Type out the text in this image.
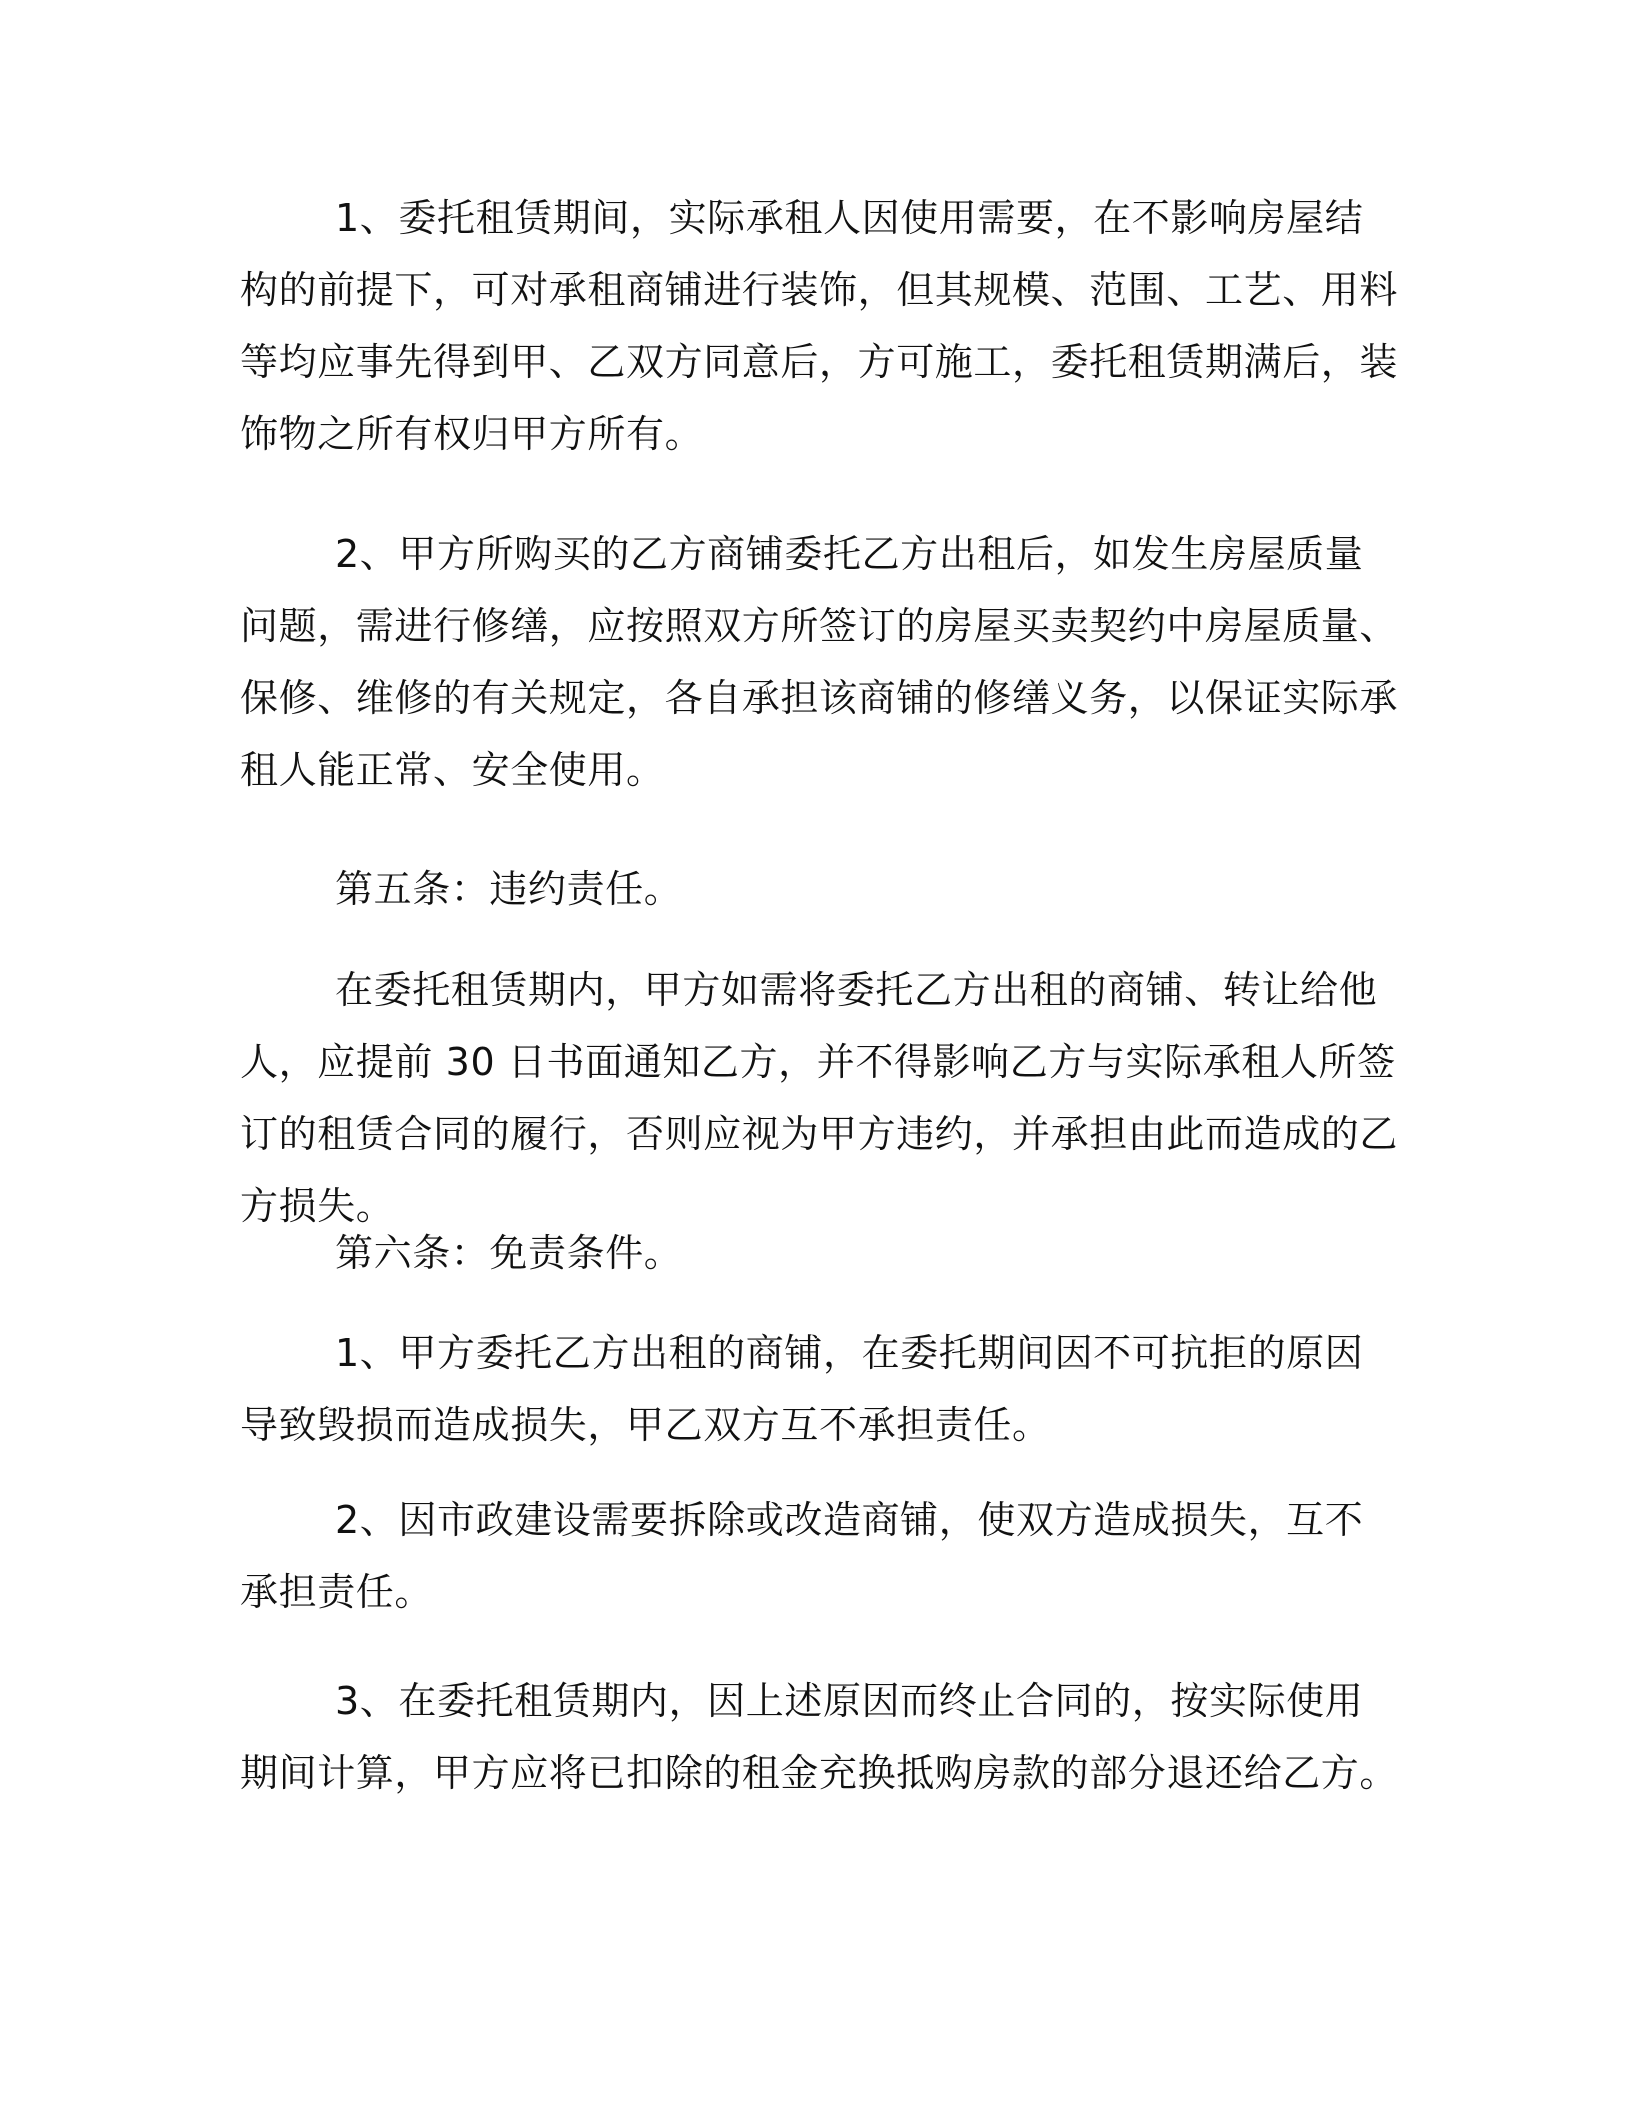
1、委托租赁期间，实际承租人因使用需要，在不影响房屋结构的前提下，可对承租商铺进行装饰，但其规模、范围、工艺、用料等均应事先得到甲、乙双方同意后，方可施工，委托租赁期满后，装饰物之所有权归甲方所有。

2、甲方所购买的乙方商铺委托乙方出租后，如发生房屋质量问题，需进行修缮，应按照双方所签订的房屋买卖契约中房屋质量、保修、维修的有关规定，各自承担该商铺的修缮义务，以保证实际承租人能正常、安全使用。

第五条：违约责任。

在委托租赁期内，甲方如需将委托乙方出租的商铺、转让给他人，应提前 30 日书面通知乙方，并不得影响乙方与实际承租人所签订的租赁合同的履行，否则应视为甲方违约，并承担由此而造成的乙方损失。

第六条：免责条件。

1、甲方委托乙方出租的商铺，在委托期间因不可抗拒的原因导致毁损而造成损失，甲乙双方互不承担责任。

2、因市政建设需要拆除或改造商铺，使双方造成损失，互不承担责任。

3、在委托租赁期内，因上述原因而终止合同的，按实际使用期间计算，甲方应将已扣除的租金充换抵购房款的部分退还给乙方。
